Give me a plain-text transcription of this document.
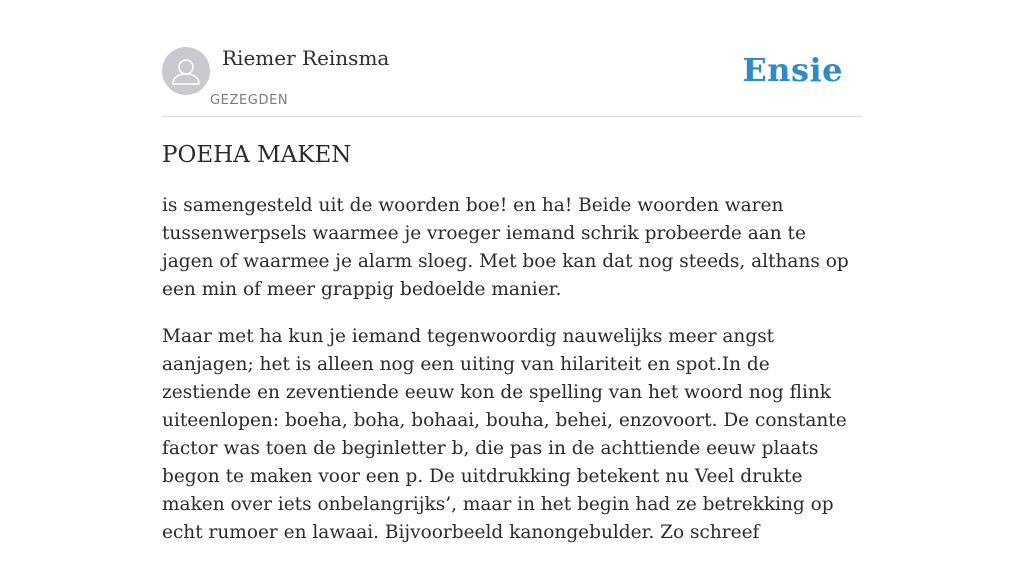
Riemer Reinsma
GEZEGDEN
Ensie
POEHA MAKEN

is samengesteld uit de woorden boe! en ha! Beide woorden waren tussenwerpsels waarmee je vroeger iemand schrik probeerde aan te jagen of waarmee je alarm sloeg. Met boe kan dat nog steeds, althans op een min of meer grappig bedoelde manier.

Maar met ha kun je iemand tegenwoordig nauwelijks meer angst aanjagen; het is alleen nog een uiting van hilariteit en spot.In de zestiende en zeventiende eeuw kon de spelling van het woord nog flink uiteenlopen: boeha, boha, bohaai, bouha, behei, enzovoort. De constante factor was toen de beginletter b, die pas in de achttiende eeuw plaats begon te maken voor een p. De uitdrukking betekent nu Veel drukte maken over iets onbelangrijks’, maar in het begin had ze betrekking op echt rumoer en lawaai. Bijvoorbeeld kanongebulder. Zo schreef
